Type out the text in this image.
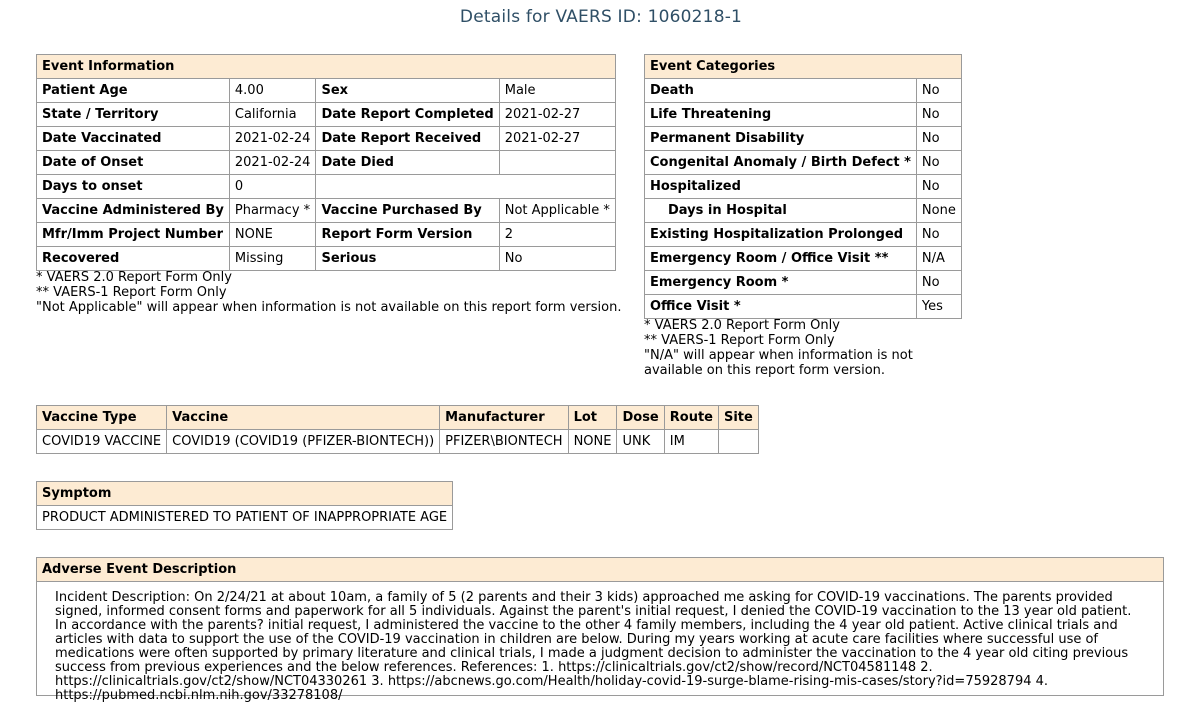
Details for VAERS ID: 1060218-1
Event Information			
Patient Age	4.00	Sex	Male
State / Territory	California	Date Report Completed	2021-02-27
Date Vaccinated	2021-02-24	Date Report Received	2021-02-27
Date of Onset	2021-02-24	Date Died	
Days to onset	0		
Vaccine Administered By	Pharmacy *	Vaccine Purchased By	Not Applicable *
Mfr/Imm Project Number	NONE	Report Form Version	2
Recovered	Missing	Serious	No
* VAERS 2.0 Report Form Only
** VAERS-1 Report Form Only
"Not Applicable" will appear when information is not available on this report form version.
Event Categories	
Death	No
Life Threatening	No
Permanent Disability	No
Congenital Anomaly / Birth Defect *	No
Hospitalized	No
Days in Hospital	None
Existing Hospitalization Prolonged	No
Emergency Room / Office Visit **	N/A
Emergency Room *	No
Office Visit *	Yes
* VAERS 2.0 Report Form Only
** VAERS-1 Report Form Only
"N/A" will appear when information is not
available on this report form version.
Vaccine Type	Vaccine	Manufacturer	Lot	Dose	Route	Site
COVID19 VACCINE	COVID19 (COVID19 (PFIZER-BIONTECH))	PFIZER\BIONTECH	NONE	UNK	IM	
Symptom
PRODUCT ADMINISTERED TO PATIENT OF INAPPROPRIATE AGE
Adverse Event Description
Incident Description: On 2/24/21 at about 10am, a family of 5 (2 parents and their 3 kids) approached me asking for COVID-19 vaccinations. The parents provided signed, informed consent forms and paperwork for all 5 individuals. Against the parent's initial request, I denied the COVID-19 vaccination to the 13 year old patient. In accordance with the parents? initial request, I administered the vaccine to the other 4 family members, including the 4 year old patient. Active clinical trials and articles with data to support the use of the COVID-19 vaccination in children are below. During my years working at acute care facilities where successful use of medications were often supported by primary literature and clinical trials, I made a judgment decision to administer the vaccination to the 4 year old citing previous success from previous experiences and the below references. References: 1. https://clinicaltrials.gov/ct2/show/record/NCT04581148 2. https://clinicaltrials.gov/ct2/show/NCT04330261 3. https://abcnews.go.com/Health/holiday-covid-19-surge-blame-rising-mis-cases/story?id=75928794 4. https://pubmed.ncbi.nlm.nih.gov/33278108/
